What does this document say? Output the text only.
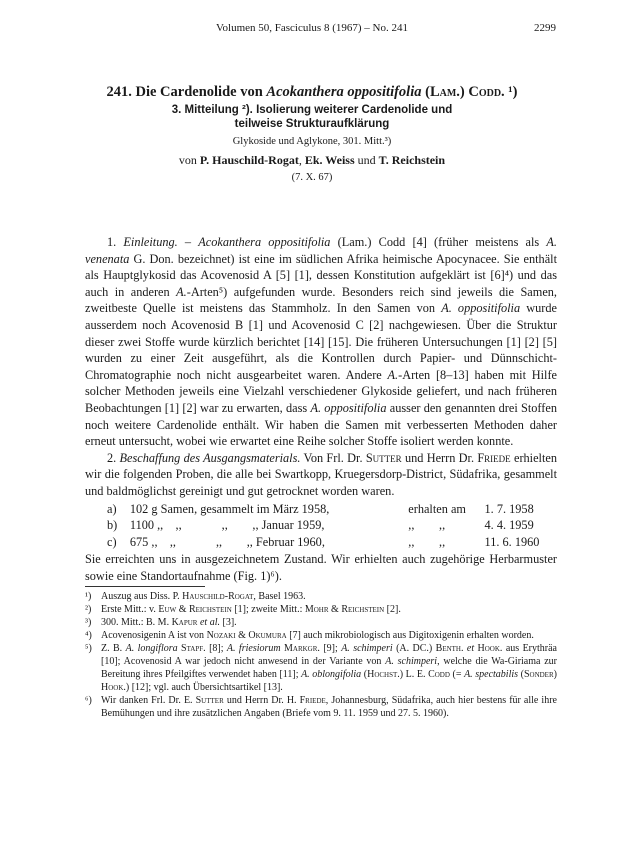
Volumen 50, Fasciculus 8 (1967) – No. 241	2299
241. Die Cardenolide von Acokanthera oppositifolia (Lam.) Codd. ¹)
3. Mitteilung ²). Isolierung weiterer Cardenolide und
teilweise Strukturaufklärung
Glykoside und Aglykone, 301. Mitt.³)
von P. Hauschild-Rogat, Ek. Weiss und T. Reichstein
(7. X. 67)

1. Einleitung. – Acokanthera oppositifolia (Lam.) Codd [4] (früher meistens als A. venenata G. Don. bezeichnet) ist eine im südlichen Afrika heimische Apocynacee. Sie enthält als Hauptglykosid das Acovenosid A [5] [1], dessen Konstitution aufgeklärt ist [6]⁴) und das auch in anderen A.-Arten⁵) aufgefunden wurde. Besonders reich sind jeweils die Samen, zweitbeste Quelle ist meistens das Stammholz. In den Samen von A. oppositifolia wurde ausserdem noch Acovenosid B [1] und Acovenosid C [2] nachgewiesen. Über die Struktur dieser zwei Stoffe wurde kürzlich berichtet [14] [15]. Die früheren Untersuchungen [1] [2] [5] wurden zu einer Zeit ausgeführt, als die Kontrollen durch Papier- und Dünnschicht-Chromatographie noch nicht ausgearbeitet waren. Andere A.-Arten [8–13] haben mit Hilfe solcher Methoden jeweils eine Vielzahl verschiedener Glykoside geliefert, und nach früheren Beobachtungen [1] [2] war zu erwarten, dass A. oppositifolia ausser den genannten drei Stoffen noch weitere Cardenolide enthält. Wir haben die Samen mit verbesserten Methoden daher erneut untersucht, wobei wie erwartet eine Reihe solcher Stoffe isoliert werden konnte.

2. Beschaffung des Ausgangsmaterials. Von Frl. Dr. Sutter und Herrn Dr. Friede erhielten wir die folgenden Proben, die alle bei Swartkopp, Kruegersdorp-District, Südafrika, gesammelt und baldmöglichst gereinigt und gut getrocknet worden waren.

a)	102 g Samen, gesammelt im März 1958,	erhalten am	1. 7. 1958
b)	1100 ,,    ,,             ,,        ,, Januar 1959,	,,        ,,	4. 4. 1959
c)	675 ,,    ,,             ,,        ,, Februar 1960,	,,        ,,	11. 6. 1960

Sie erreichten uns in ausgezeichnetem Zustand. Wir erhielten auch zugehörige Herbarmuster sowie eine Standortaufnahme (Fig. 1)⁶).

¹) Auszug aus Diss. P. Hauschild-Rogat, Basel 1963.
²) Erste Mitt.: v. Euw & Reichstein [1]; zweite Mitt.: Mohr & Reichstein [2].
³) 300. Mitt.: B. M. Kapur et al. [3].
⁴) Acovenosigenin A ist von Nozaki & Okumura [7] auch mikrobiologisch aus Digitoxigenin erhalten worden.
⁵) Z. B. A. longiflora Stapf. [8]; A. friesiorum Markgr. [9]; A. schimperi (A. DC.) Benth. et Hook. aus Erythräa [10]; Acovenosid A war jedoch nicht anwesend in der Variante von A. schimperi, welche die Wa-Giriama zur Bereitung ihres Pfeilgiftes verwendet haben [11]; A. oblongifolia (Hochst.) L. E. Codd (= A. spectabilis (Sonder) Hook.) [12]; vgl. auch Übersichtsartikel [13].
⁶) Wir danken Frl. Dr. E. Sutter und Herrn Dr. H. Friede, Johannesburg, Südafrika, auch hier bestens für alle ihre Bemühungen und ihre zusätzlichen Angaben (Briefe vom 9. 11. 1959 und 27. 5. 1960).
